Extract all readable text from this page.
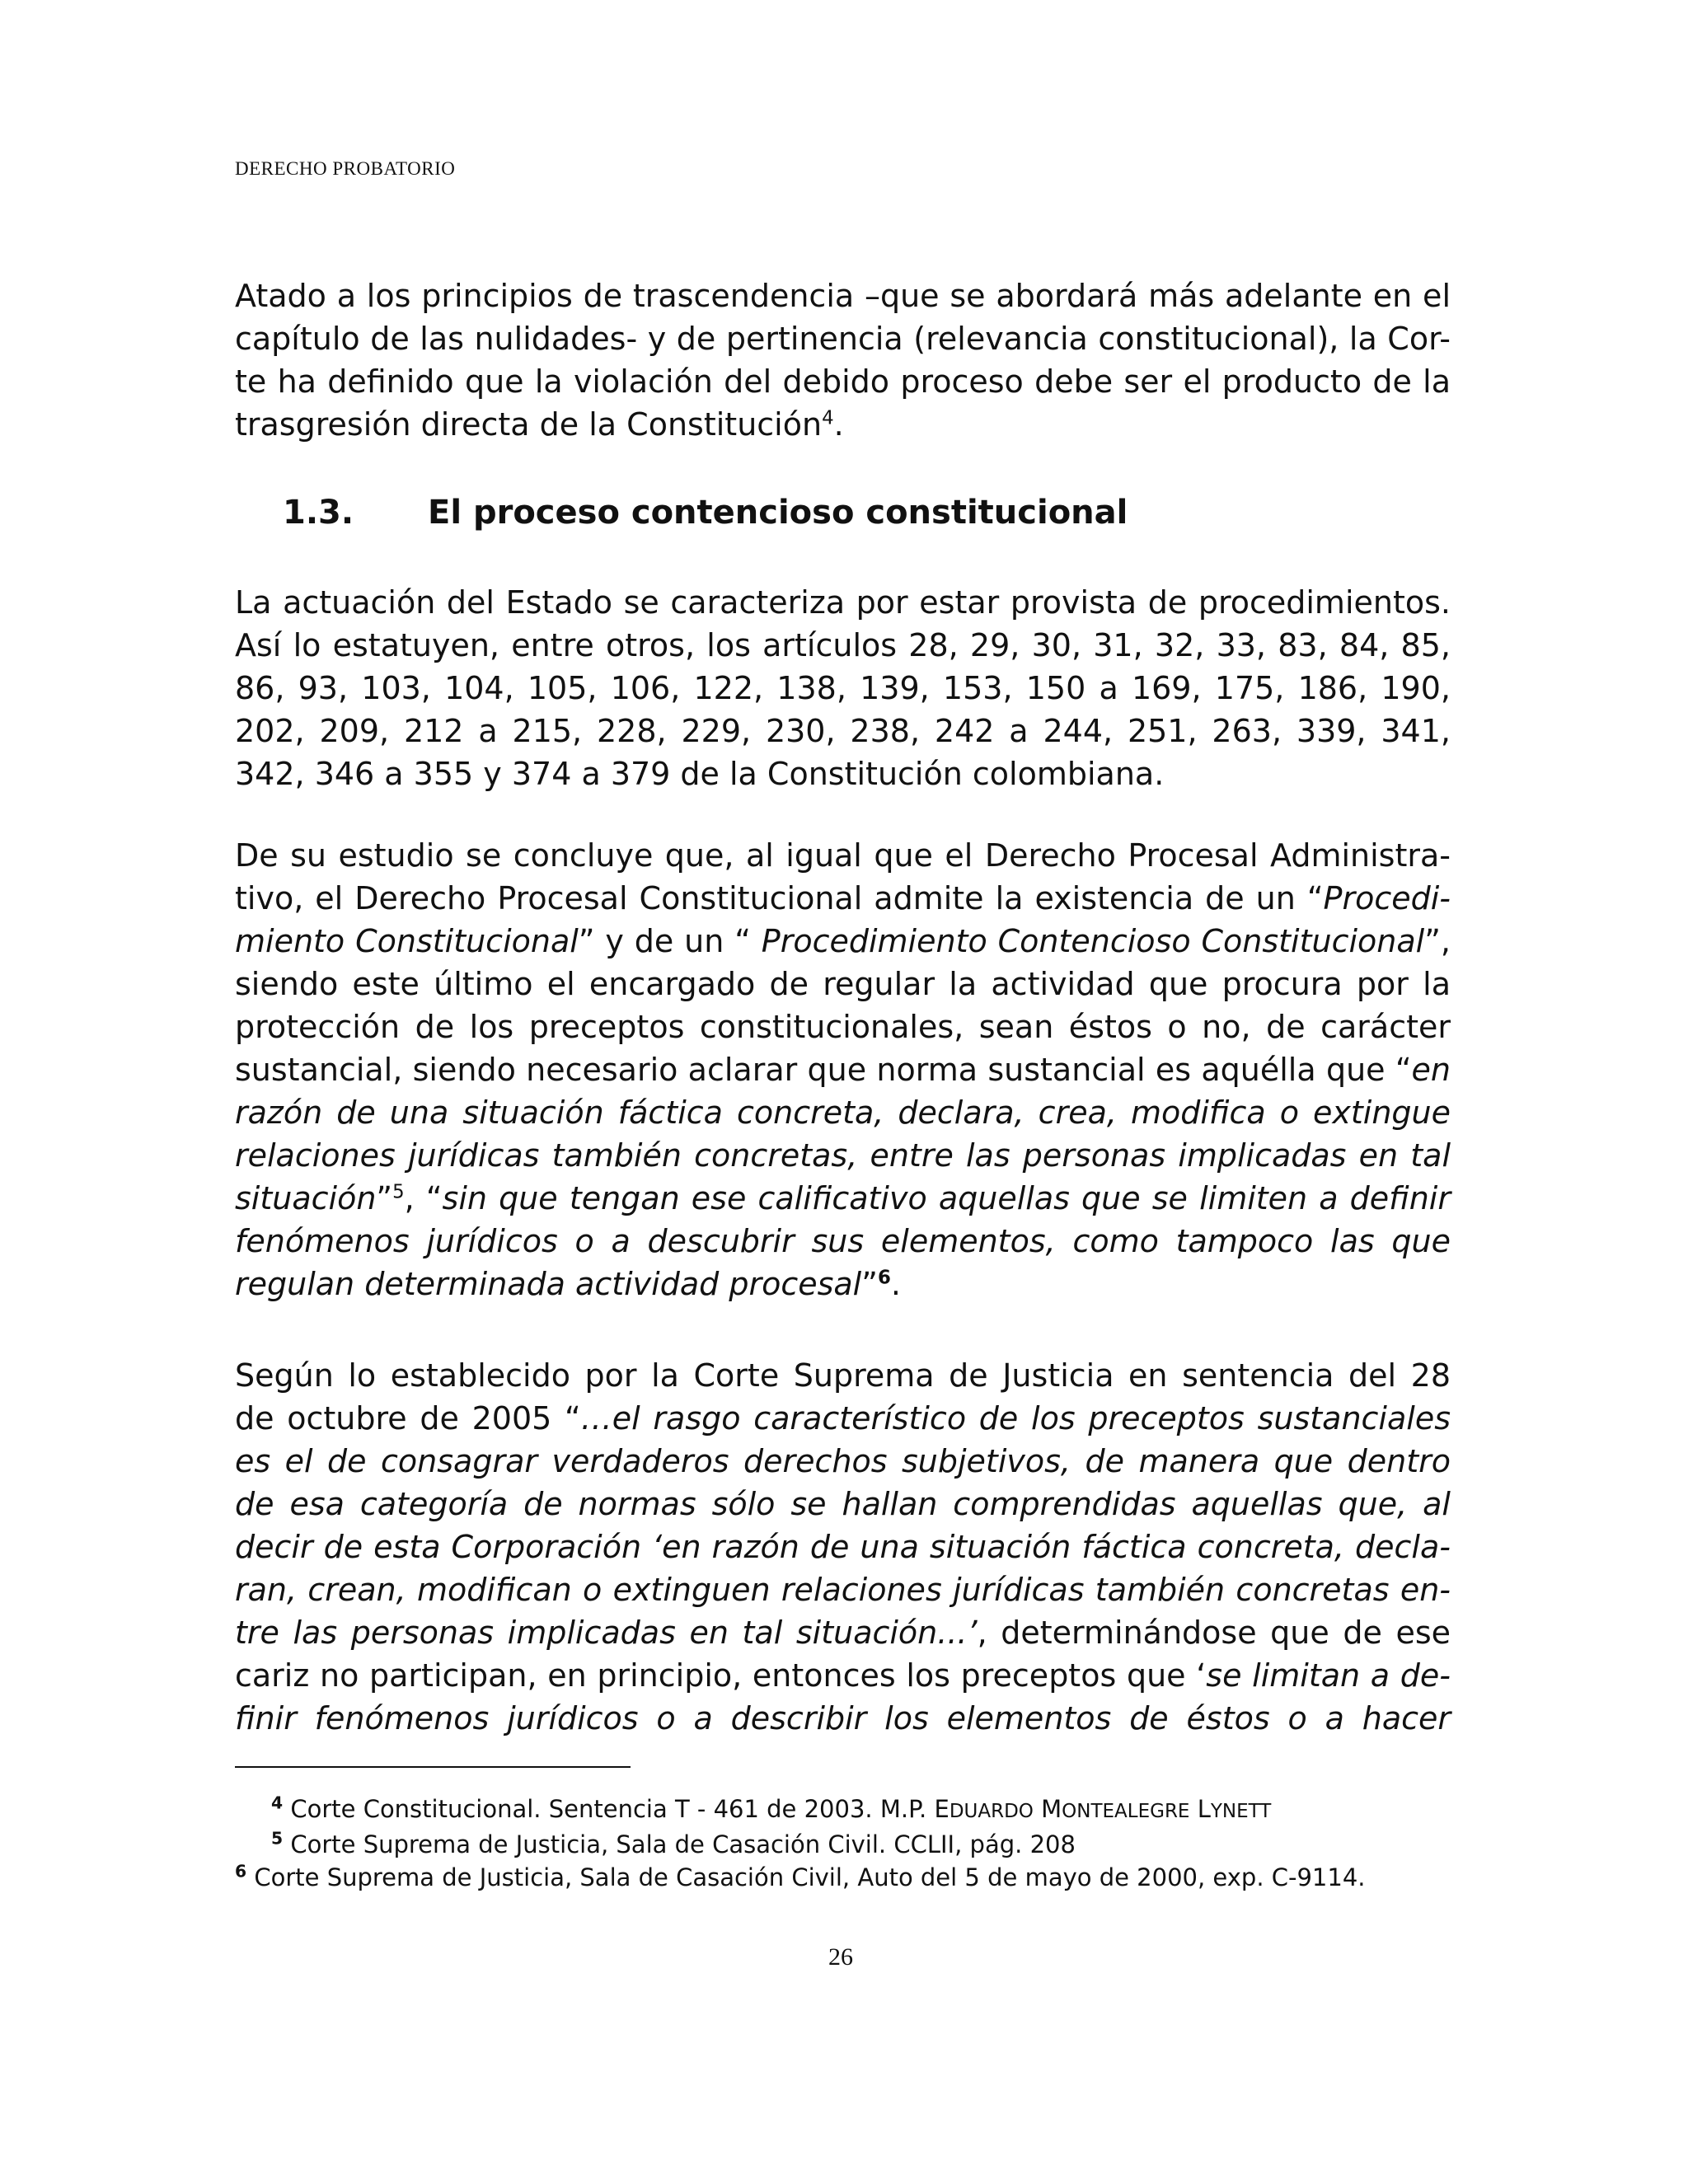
DERECHO PROBATORIO
Atado a los principios de trascendencia –que se abordará más adelante en el
capítulo de las nulidades- y de pertinencia (relevancia constitucional), la Cor-
te ha definido que la violación del debido proceso debe ser el producto de la
trasgresión directa de la Constitución$^4$.
1.3. El proceso contencioso constitucional
La actuación del Estado se caracteriza por estar provista de procedimientos.
Así lo estatuyen, entre otros, los artículos 28, 29, 30, 31, 32, 33, 83, 84, 85,
86, 93, 103, 104, 105, 106, 122, 138, 139, 153, 150 a 169, 175, 186, 190,
202, 209, 212 a 215, 228, 229, 230, 238, 242 a 244, 251, 263, 339, 341,
342, 346 a 355 y 374 a 379 de la Constitución colombiana.
De su estudio se concluye que, al igual que el Derecho Procesal Administra-
tivo, el Derecho Procesal Constitucional admite la existencia de un “Procedi-
miento Constitucional” y de un “ Procedimiento Contencioso Constitucional”,
siendo este último el encargado de regular la actividad que procura por la
protección de los preceptos constitucionales, sean éstos o no, de carácter
sustancial, siendo necesario aclarar que norma sustancial es aquélla que “en
razón de una situación fáctica concreta, declara, crea, modifica o extingue
relaciones jurídicas también concretas, entre las personas implicadas en tal
situación”$^5$, “sin que tengan ese calificativo aquellas que se limiten a definir
fenómenos jurídicos o a descubrir sus elementos, como tampoco las que
regulan determinada actividad procesal”$^6$.
Según lo establecido por la Corte Suprema de Justicia en sentencia del 28
de octubre de 2005 “…el rasgo característico de los preceptos sustanciales
es el de consagrar verdaderos derechos subjetivos, de manera que dentro
de esa categoría de normas sólo se hallan comprendidas aquellas que, al
decir de esta Corporación ‘en razón de una situación fáctica concreta, decla-
ran, crean, modifican o extinguen relaciones jurídicas también concretas en-
tre las personas implicadas en tal situación...’, determinándose que de ese
cariz no participan, en principio, entonces los preceptos que ‘se limitan a de-
finir fenómenos jurídicos o a describir los elementos de éstos o a hacer
$^4$ Corte Constitucional. Sentencia T - 461 de 2003. M.P. EDUARDO MONTEALEGRE LYNETT
$^5$ Corte Suprema de Justicia, Sala de Casación Civil. CCLII, pág. 208
$^6$ Corte Suprema de Justicia, Sala de Casación Civil, Auto del 5 de mayo de 2000, exp. C-9114.
26
